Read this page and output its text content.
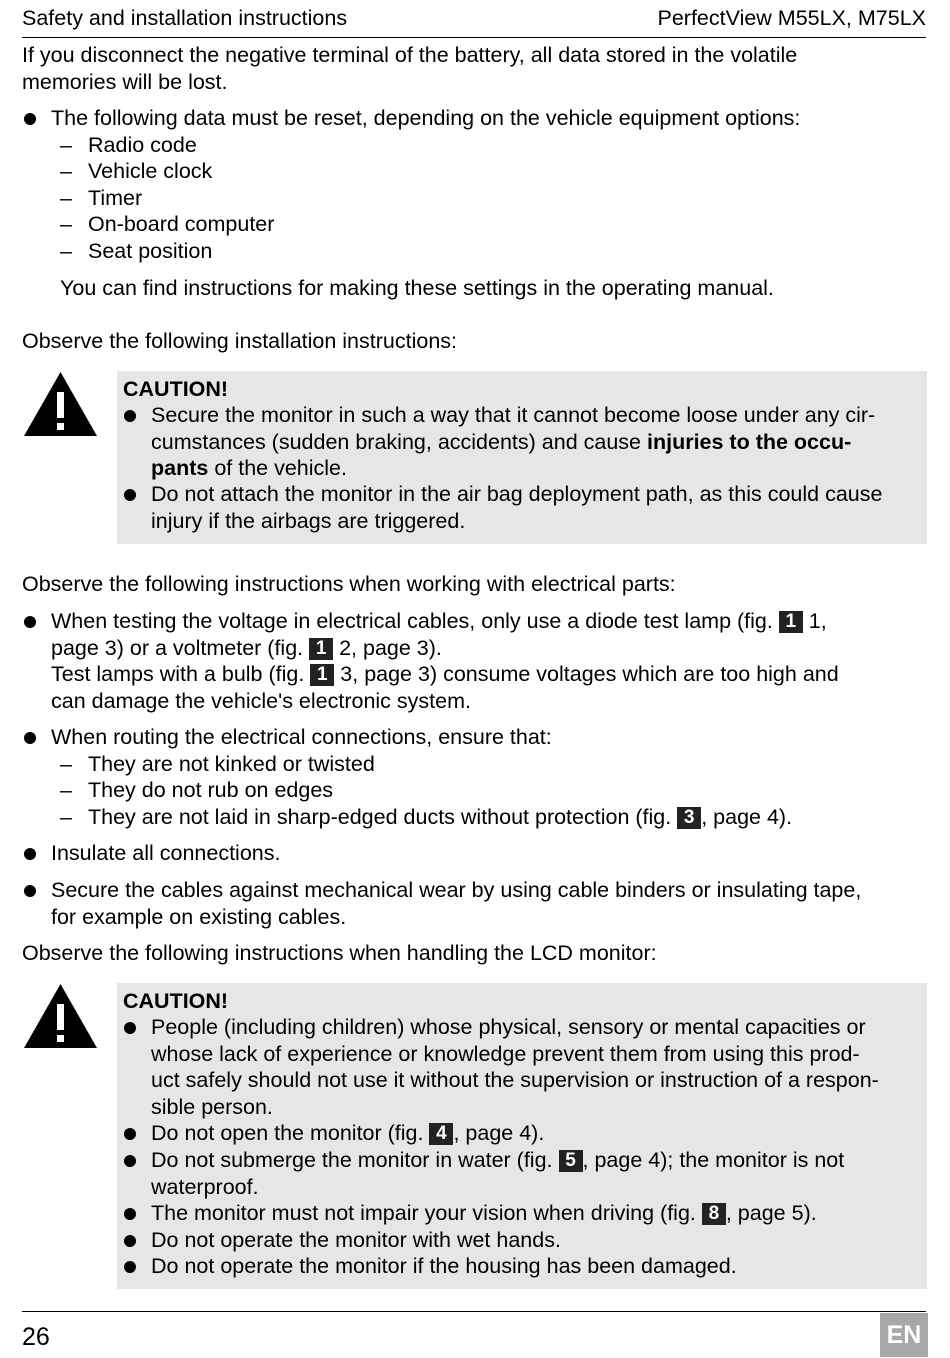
Safety and installation instructions	PerfectView M55LX, M75LX
If you disconnect the negative terminal of the battery, all data stored in the volatile
memories will be lost.
The following data must be reset, depending on the vehicle equipment options:
– Radio code
– Vehicle clock
– Timer
– On-board computer
– Seat position
You can find instructions for making these settings in the operating manual.
Observe the following installation instructions:
CAUTION!
Secure the monitor in such a way that it cannot become loose under any cir-
cumstances (sudden braking, accidents) and cause injuries to the occu-
pants of the vehicle.
Do not attach the monitor in the air bag deployment path, as this could cause
injury if the airbags are triggered.
Observe the following instructions when working with electrical parts:
When testing the voltage in electrical cables, only use a diode test lamp (fig. 1 1,
page 3) or a voltmeter (fig. 1 2, page 3).
Test lamps with a bulb (fig. 1 3, page 3) consume voltages which are too high and
can damage the vehicle's electronic system.
When routing the electrical connections, ensure that:
– They are not kinked or twisted
– They do not rub on edges
– They are not laid in sharp-edged ducts without protection (fig. 3 , page 4).
Insulate all connections.
Secure the cables against mechanical wear by using cable binders or insulating tape,
for example on existing cables.
Observe the following instructions when handling the LCD monitor:
CAUTION!
People (including children) whose physical, sensory or mental capacities or
whose lack of experience or knowledge prevent them from using this prod-
uct safely should not use it without the supervision or instruction of a respon-
sible person.
Do not open the monitor (fig. 4 , page 4).
Do not submerge the monitor in water (fig. 5 , page 4); the monitor is not
waterproof.
The monitor must not impair your vision when driving (fig. 8 , page 5).
Do not operate the monitor with wet hands.
Do not operate the monitor if the housing has been damaged.
26	EN
